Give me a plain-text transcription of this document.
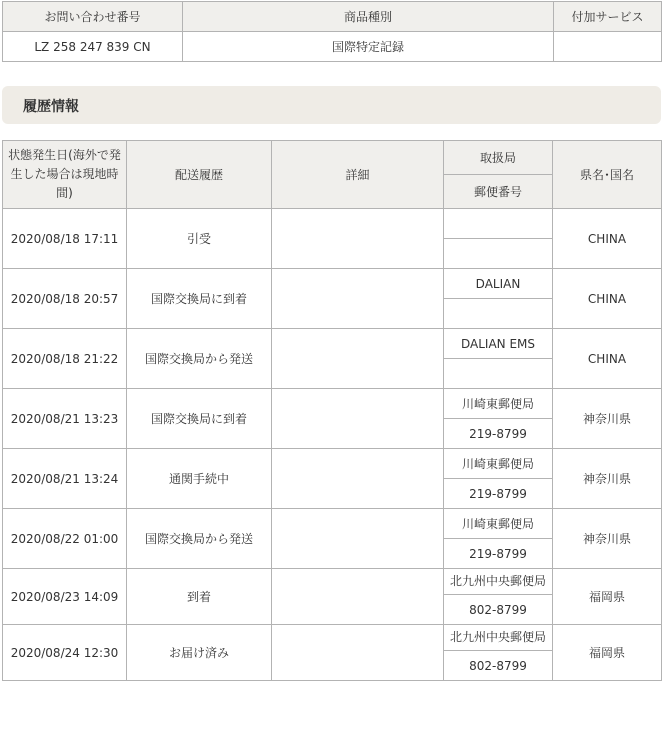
お問い合わせ番号	商品種別	付加サービス
LZ 258 247 839 CN	国際特定記録	
履歴情報
状態発生日(海外で発生した場合は現地時間)	配送履歴	詳細	取扱局	県名･国名
			郵便番号	
2020/08/18 17:11	引受			CHINA

2020/08/18 20:57	国際交換局に到着		DALIAN	CHINA

2020/08/18 21:22	国際交換局から発送		DALIAN EMS	CHINA

2020/08/21 13:23	国際交換局に到着		川崎東郵便局	神奈川県
			219-8799	
2020/08/21 13:24	通関手続中		川崎東郵便局	神奈川県
			219-8799	
2020/08/22 01:00	国際交換局から発送		川崎東郵便局	神奈川県
			219-8799	
2020/08/23 14:09	到着		北九州中央郵便局	福岡県
			802-8799	
2020/08/24 12:30	お届け済み		北九州中央郵便局	福岡県
			802-8799	
